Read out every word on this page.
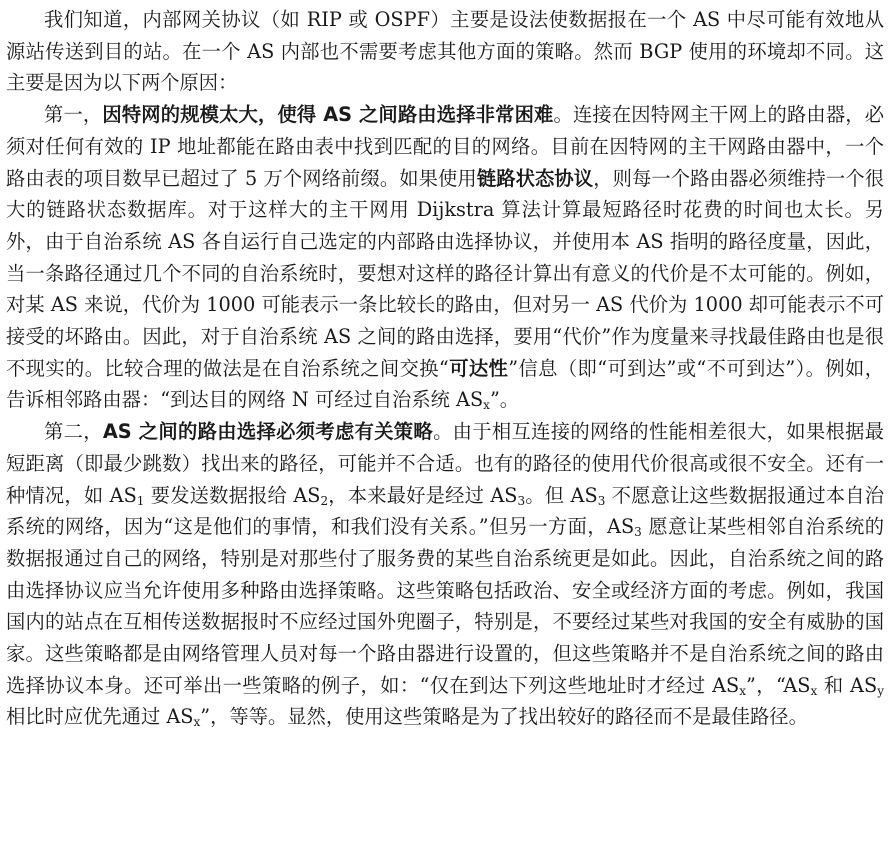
我们知道，内部网关协议（如 RIP 或 OSPF）主要是设法使数据报在一个 AS 中尽可能有效地从源站传送到目的站。在一个 AS 内部也不需要考虑其他方面的策略。然而 BGP 使用的环境却不同。这主要是因为以下两个原因：

第一，因特网的规模太大，使得 AS 之间路由选择非常困难。连接在因特网主干网上的路由器，必须对任何有效的 IP 地址都能在路由表中找到匹配的目的网络。目前在因特网的主干网路由器中，一个路由表的项目数早已超过了 5 万个网络前缀。如果使用链路状态协议，则每一个路由器必须维持一个很大的链路状态数据库。对于这样大的主干网用 Dijkstra 算法计算最短路径时花费的时间也太长。另外，由于自治系统 AS 各自运行自己选定的内部路由选择协议，并使用本 AS 指明的路径度量，因此，当一条路径通过几个不同的自治系统时，要想对这样的路径计算出有意义的代价是不太可能的。例如，对某 AS 来说，代价为 1000 可能表示一条比较长的路由，但对另一 AS 代价为 1000 却可能表示不可接受的坏路由。因此，对于自治系统 AS 之间的路由选择，要用“代价”作为度量来寻找最佳路由也是很不现实的。比较合理的做法是在自治系统之间交换“可达性”信息（即“可到达”或“不可到达”）。例如，告诉相邻路由器：“到达目的网络 N 可经过自治系统 $AS_x$”。

第二，AS 之间的路由选择必须考虑有关策略。由于相互连接的网络的性能相差很大，如果根据最短距离（即最少跳数）找出来的路径，可能并不合适。也有的路径的使用代价很高或很不安全。还有一种情况，如 $AS_1$ 要发送数据报给 $AS_2$，本来最好是经过 $AS_3$。但 $AS_3$ 不愿意让这些数据报通过本自治系统的网络，因为“这是他们的事情，和我们没有关系。”但另一方面，$AS_3$ 愿意让某些相邻自治系统的数据报通过自己的网络，特别是对那些付了服务费的某些自治系统更是如此。因此，自治系统之间的路由选择协议应当允许使用多种路由选择策略。这些策略包括政治、安全或经济方面的考虑。例如，我国国内的站点在互相传送数据报时不应经过国外兜圈子，特别是，不要经过某些对我国的安全有威胁的国家。这些策略都是由网络管理人员对每一个路由器进行设置的，但这些策略并不是自治系统之间的路由选择协议本身。还可举出一些策略的例子，如：“仅在到达下列这些地址时才经过 $AS_x$”，“$AS_x$ 和 $AS_y$ 相比时应优先通过 $AS_x$”，等等。显然，使用这些策略是为了找出较好的路径而不是最佳路径。
